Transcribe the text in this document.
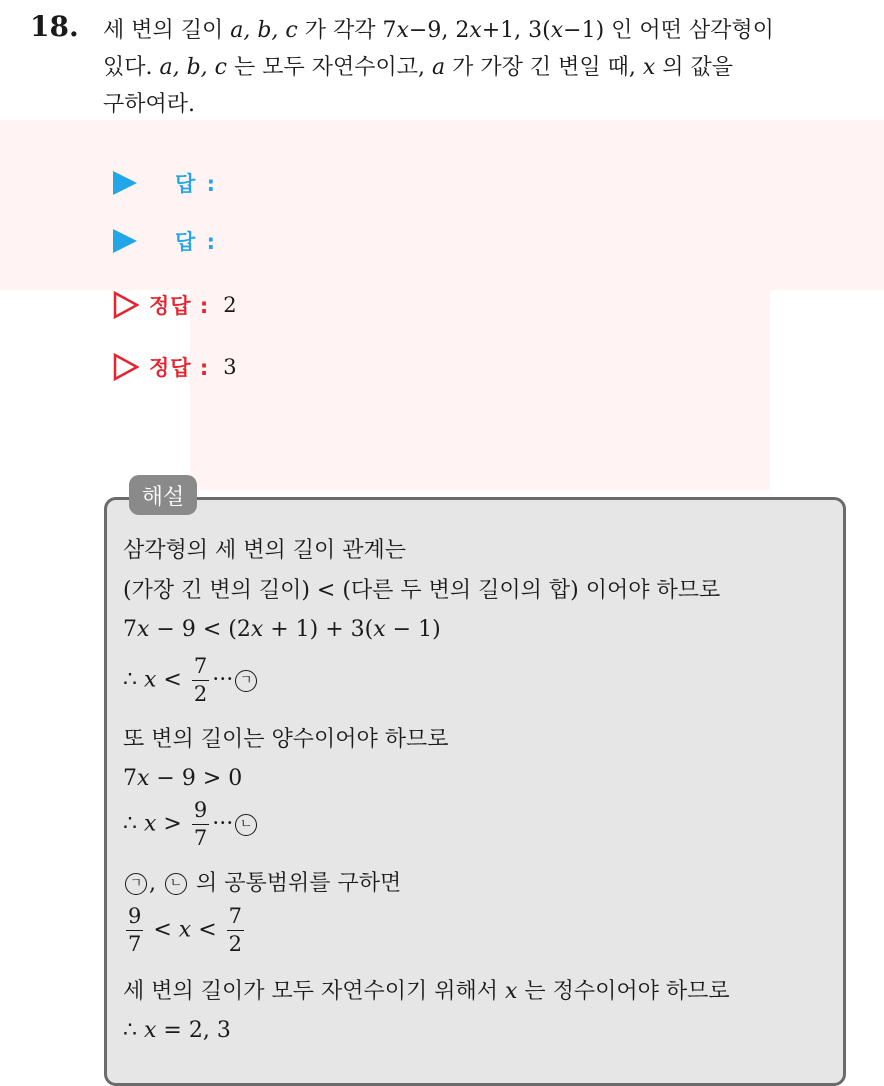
18. 세 변의 길이 a, b, c 가 각각 7x−9, 2x+1, 3(x−1) 인 어떤 삼각형이
있다. a, b, c 는 모두 자연수이고, a 가 가장 긴 변일 때, x 의 값을
구하여라.
답 :
답 :
정답 : 2
정답 : 3
해설
삼각형의 세 변의 길이 관계는
(가장 긴 변의 길이) < (다른 두 변의 길이의 합) 이어야 하므로
7x − 9 < (2x + 1) + 3(x − 1)
∴ $x < \frac{7}{2}$ ··· ㄱ
또 변의 길이는 양수이어야 하므로
7x − 9 > 0
∴ $x > \frac{9}{7}$ ··· ㄴ
ㄱ , ㄴ 의 공통범위를 구하면
$\frac{9}{7} < x < \frac{7}{2}$
세 변의 길이가 모두 자연수이기 위해서 x 는 정수이어야 하므로
∴ x = 2, 3
